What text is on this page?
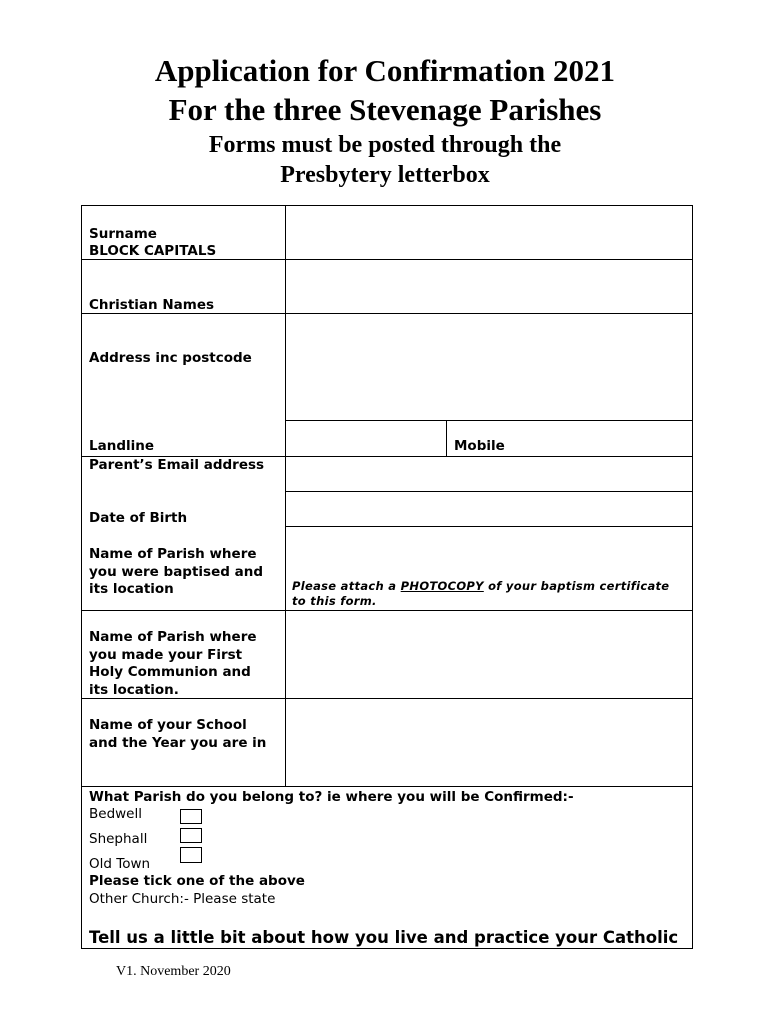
Application for Confirmation 2021
For the three Stevenage Parishes
Forms must be posted through the
Presbytery letterbox
Surname
BLOCK CAPITALS
Christian Names
Address inc postcode
Landline	Mobile
Parent’s Email address
Date of Birth
Name of Parish where
you were baptised and
its location	Please attach a PHOTOCOPY of your baptism certificate to this form.
Name of Parish where
you made your First
Holy Communion and
its location.
Name of your School
and the Year you are in
What Parish do you belong to? ie where you will be Confirmed:-
Bedwell
Shephall
Old Town
Please tick one of the above
Other Church:- Please state
Tell us a little bit about how you live and practice your Catholic
V1. November 2020
